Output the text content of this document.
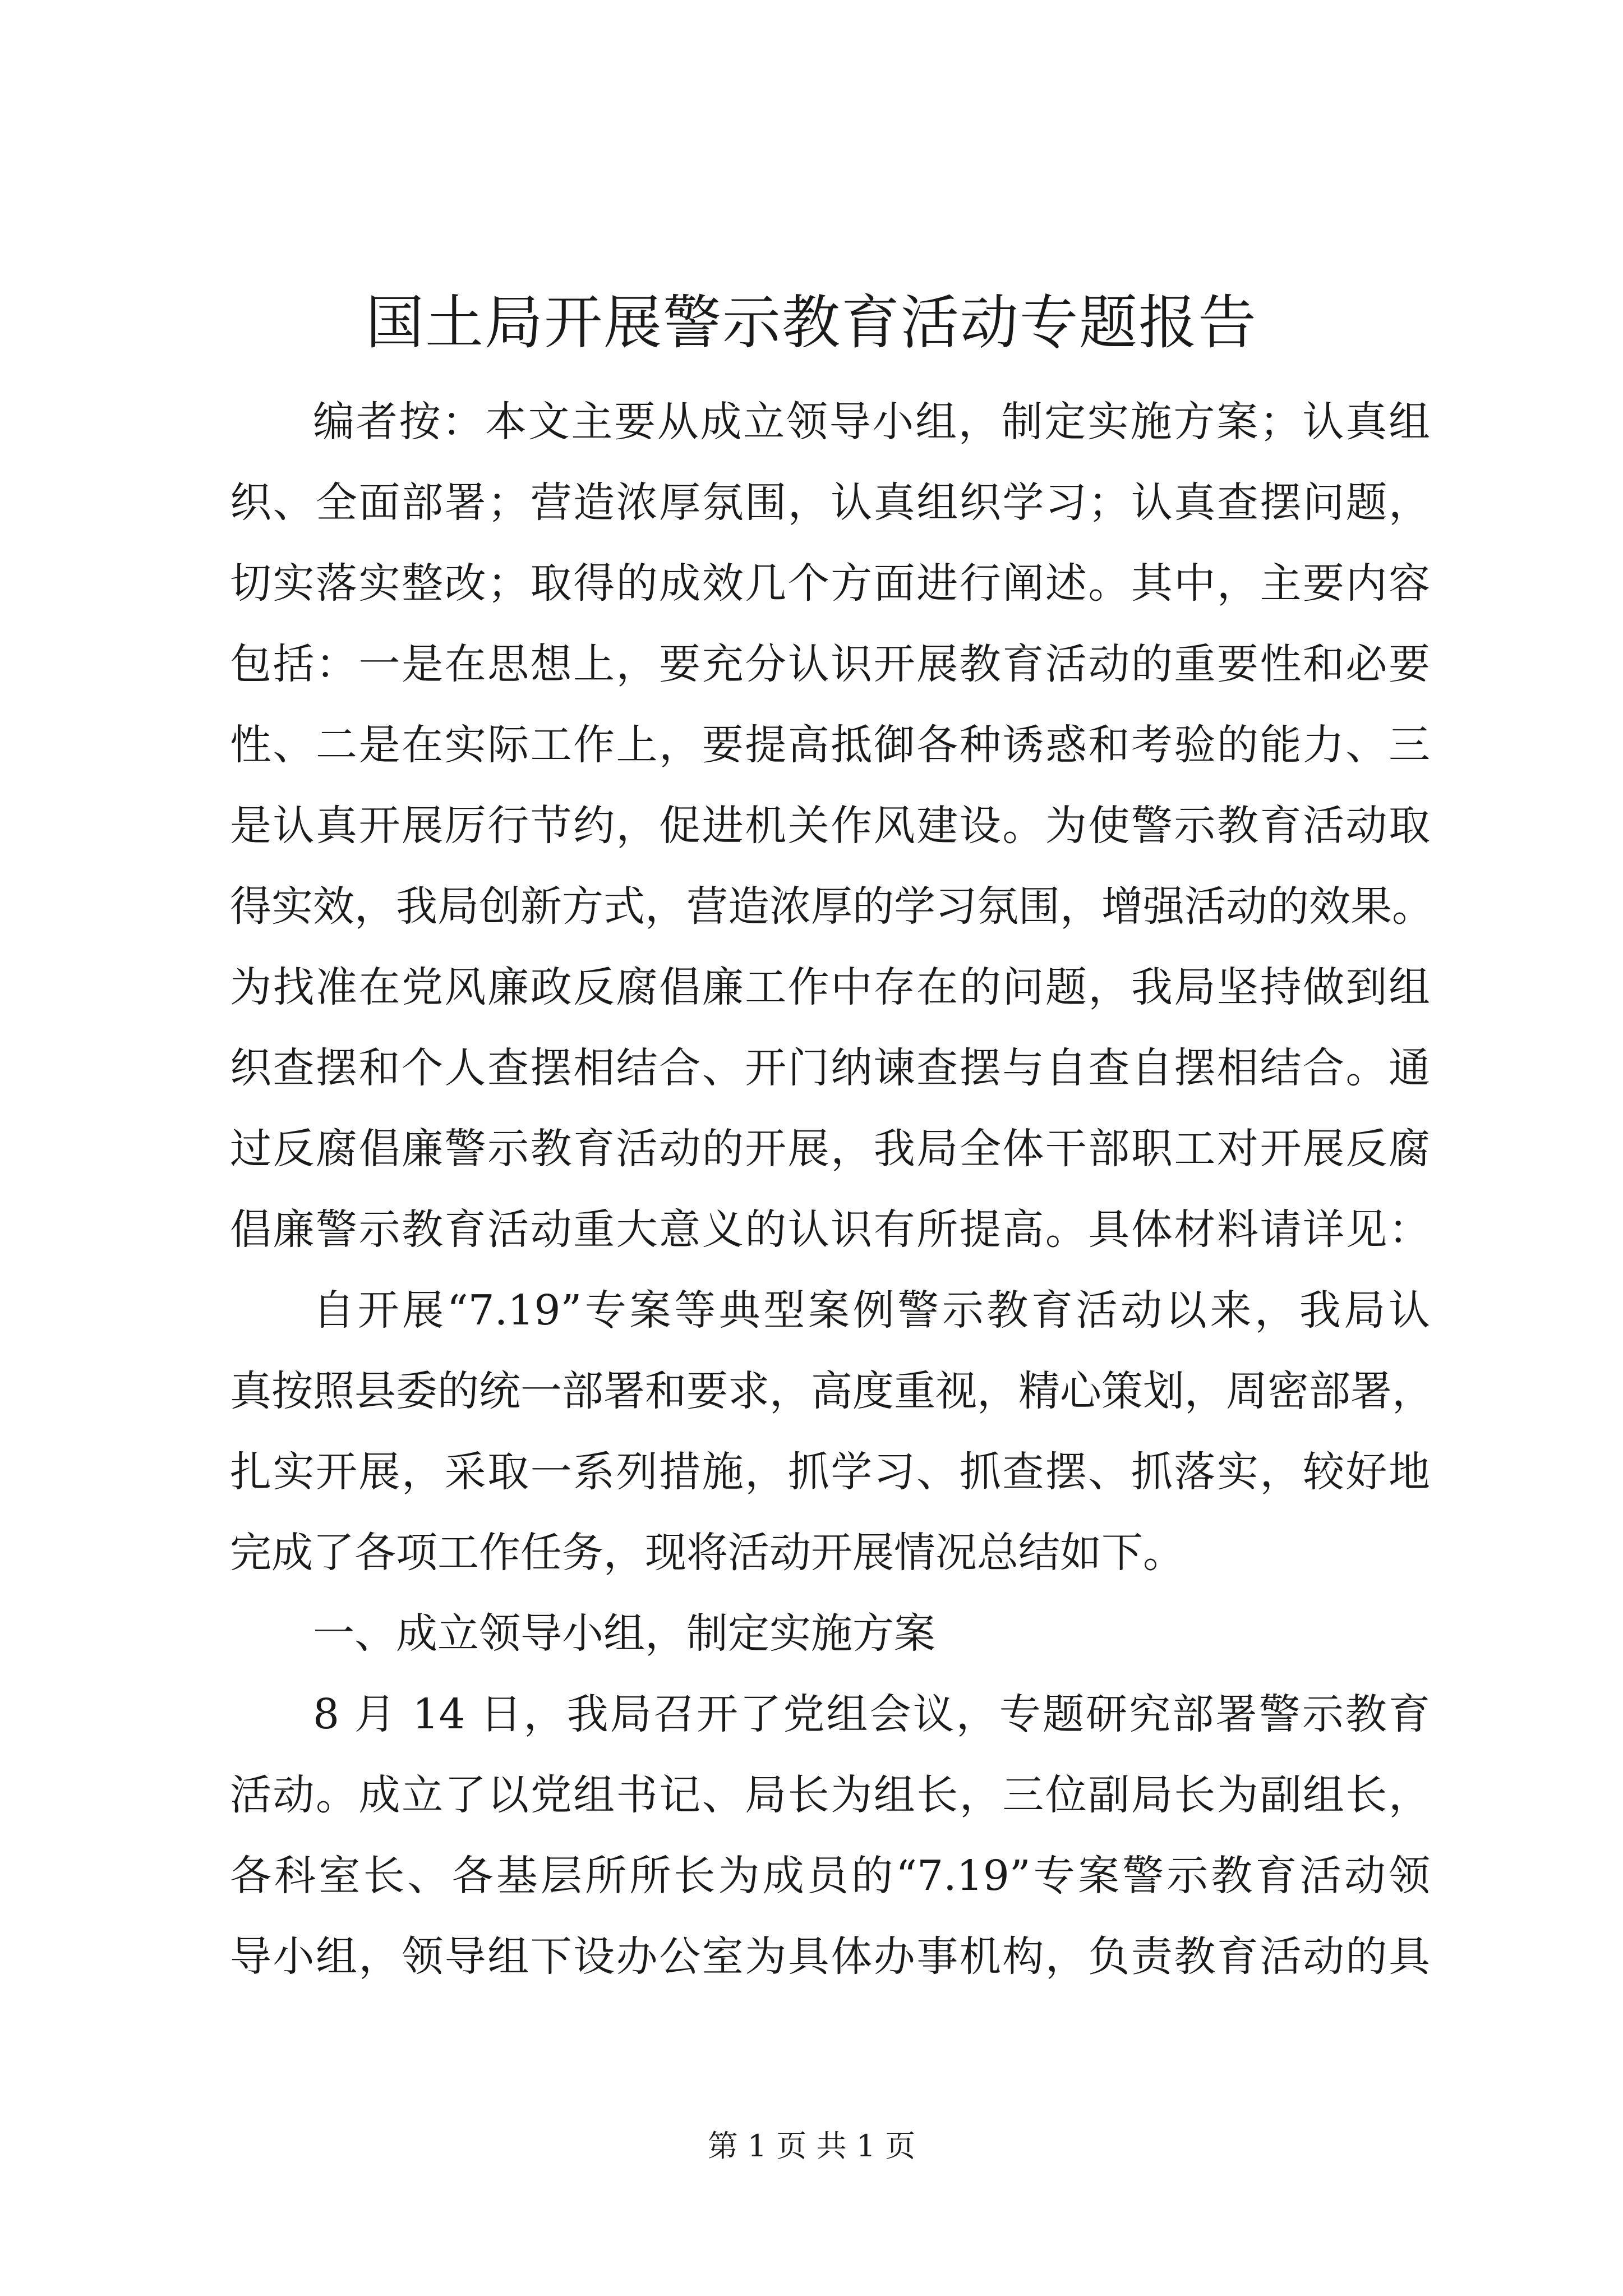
国土局开展警示教育活动专题报告
编者按：本文主要从成立领导小组，制定实施方案；认真组
织、全面部署；营造浓厚氛围，认真组织学习；认真查摆问题，
切实落实整改；取得的成效几个方面进行阐述。其中，主要内容
包括：一是在思想上，要充分认识开展教育活动的重要性和必要
性、二是在实际工作上，要提高抵御各种诱惑和考验的能力、三
是认真开展厉行节约，促进机关作风建设。为使警示教育活动取
得实效，我局创新方式，营造浓厚的学习氛围，增强活动的效果。
为找准在党风廉政反腐倡廉工作中存在的问题，我局坚持做到组
织查摆和个人查摆相结合、开门纳谏查摆与自查自摆相结合。通
过反腐倡廉警示教育活动的开展，我局全体干部职工对开展反腐
倡廉警示教育活动重大意义的认识有所提高。具体材料请详见：
自开展“7.19”专案等典型案例警示教育活动以来，我局认
真按照县委的统一部署和要求，高度重视，精心策划，周密部署，
扎实开展，采取一系列措施，抓学习、抓查摆、抓落实，较好地
完成了各项工作任务，现将活动开展情况总结如下。
一、成立领导小组，制定实施方案
8 月 14 日，我局召开了党组会议，专题研究部署警示教育
活动。成立了以党组书记、局长为组长，三位副局长为副组长，
各科室长、各基层所所长为成员的“7.19”专案警示教育活动领
导小组，领导组下设办公室为具体办事机构，负责教育活动的具
第 1 页 共 1 页
